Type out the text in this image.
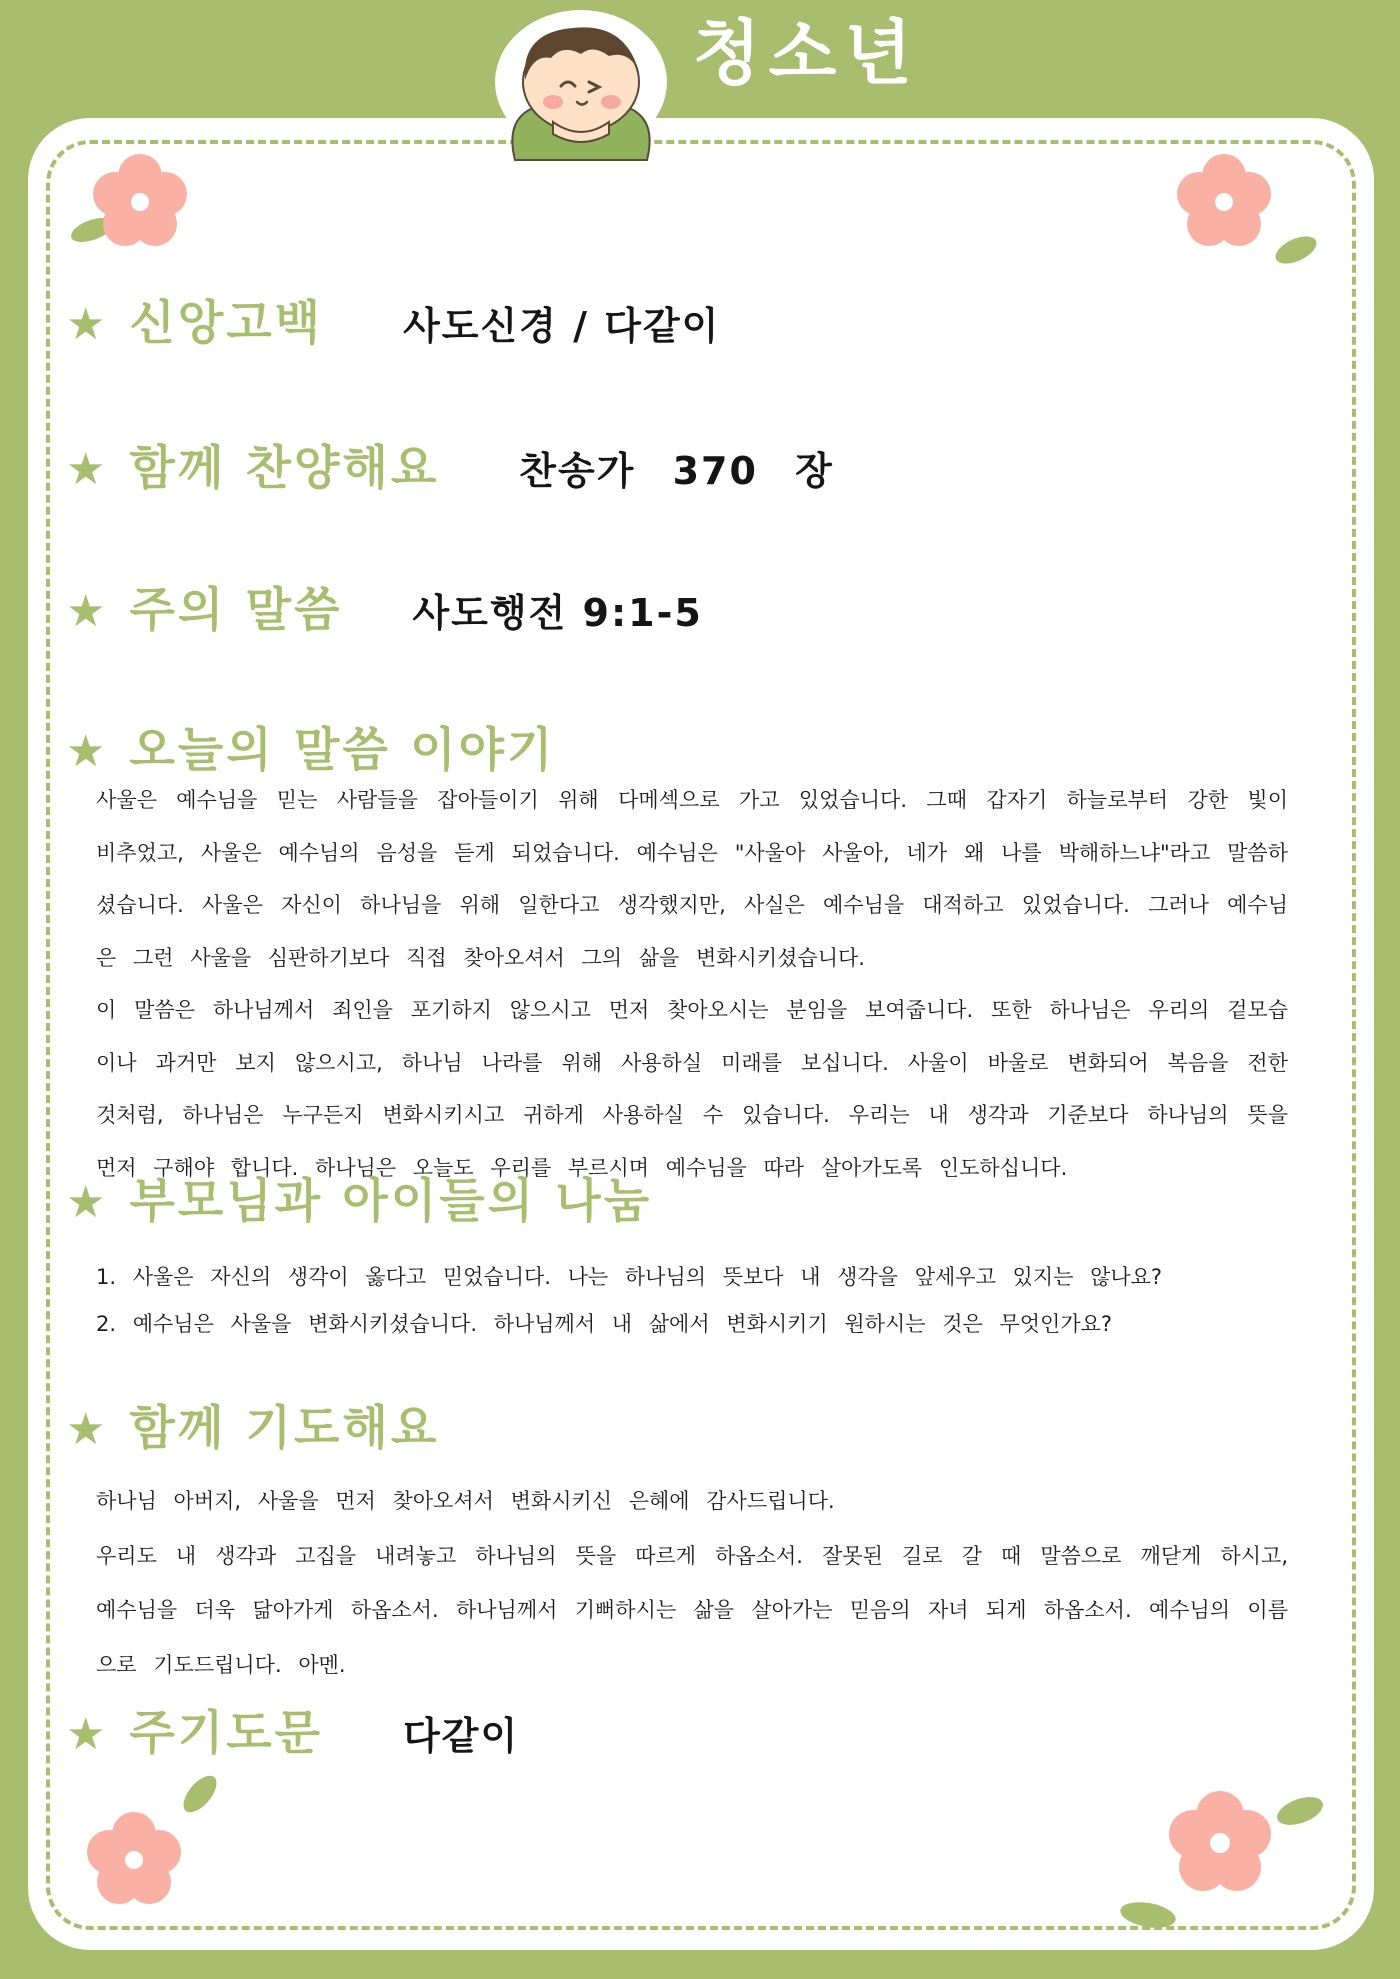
청소년
★ 신앙고백 사도신경 / 다같이
★ 함께 찬양해요 찬송가 370 장
★ 주의 말씀 사도행전 9:1-5
★ 오늘의 말씀 이야기

사울은 예수님을 믿는 사람들을 잡아들이기 위해 다메섹으로 가고 있었습니다. 그때 갑자기 하늘로부터 강한 빛이 비추었고, 사울은 예수님의 음성을 듣게 되었습니다. 예수님은 "사울아 사울아, 네가 왜 나를 박해하느냐"라고 말씀하셨습니다. 사울은 자신이 하나님을 위해 일한다고 생각했지만, 사실은 예수님을 대적하고 있었습니다. 그러나 예수님은 그런 사울을 심판하기보다 직접 찾아오셔서 그의 삶을 변화시키셨습니다.

이 말씀은 하나님께서 죄인을 포기하지 않으시고 먼저 찾아오시는 분임을 보여줍니다. 또한 하나님은 우리의 겉모습이나 과거만 보지 않으시고, 하나님 나라를 위해 사용하실 미래를 보십니다. 사울이 바울로 변화되어 복음을 전한 것처럼, 하나님은 누구든지 변화시키시고 귀하게 사용하실 수 있습니다. 우리는 내 생각과 기준보다 하나님의 뜻을 먼저 구해야 합니다. 하나님은 오늘도 우리를 부르시며 예수님을 따라 살아가도록 인도하십니다.

★ 부모님과 아이들의 나눔
1. 사울은 자신의 생각이 옳다고 믿었습니다. 나는 하나님의 뜻보다 내 생각을 앞세우고 있지는 않나요?
2. 예수님은 사울을 변화시키셨습니다. 하나님께서 내 삶에서 변화시키기 원하시는 것은 무엇인가요?
★ 함께 기도해요

하나님 아버지, 사울을 먼저 찾아오셔서 변화시키신 은혜에 감사드립니다.

우리도 내 생각과 고집을 내려놓고 하나님의 뜻을 따르게 하옵소서. 잘못된 길로 갈 때 말씀으로 깨닫게 하시고, 예수님을 더욱 닮아가게 하옵소서. 하나님께서 기뻐하시는 삶을 살아가는 믿음의 자녀 되게 하옵소서. 예수님의 이름으로 기도드립니다. 아멘.

★ 주기도문 다같이
